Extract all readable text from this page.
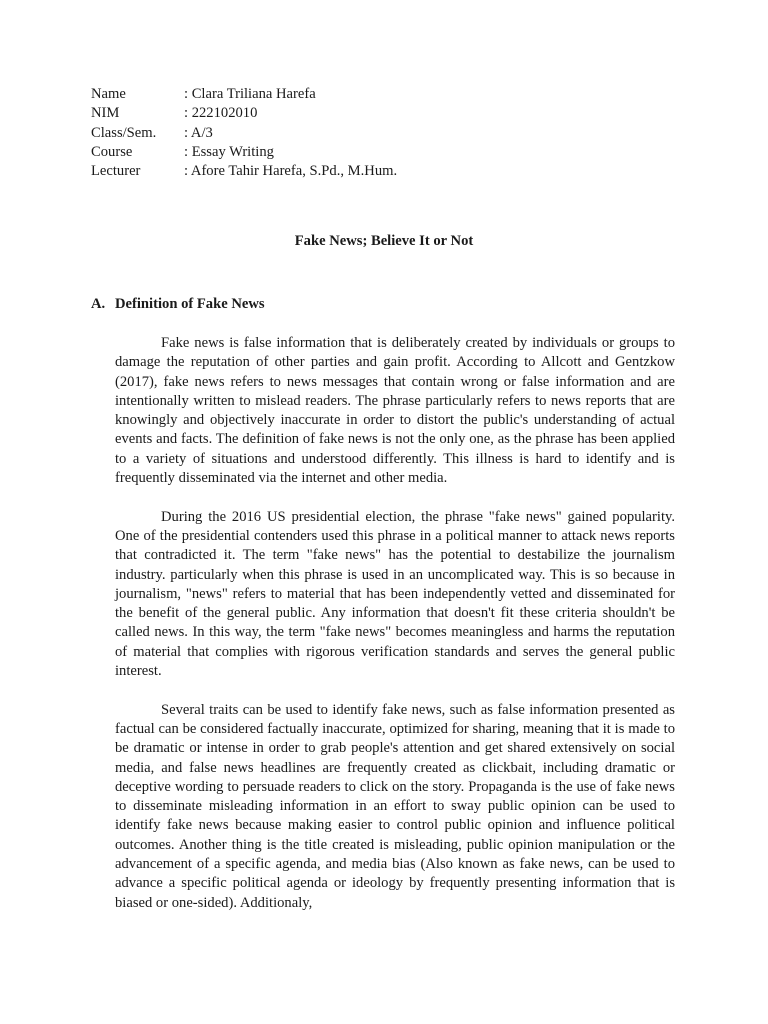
Name	: Clara Triliana Harefa
NIM	: 222102010
Class/Sem.	: A/3
Course	: Essay Writing
Lecturer	: Afore Tahir Harefa, S.Pd., M.Hum.
Fake News; Believe It or Not
A. Definition of Fake News

Fake news is false information that is deliberately created by individuals or groups to damage the reputation of other parties and gain profit. According to Allcott and Gentzkow (2017), fake news refers to news messages that contain wrong or false information and are intentionally written to mislead readers. The phrase particularly refers to news reports that are knowingly and objectively inaccurate in order to distort the public's understanding of actual events and facts. The definition of fake news is not the only one, as the phrase has been applied to a variety of situations and understood differently. This illness is hard to identify and is frequently disseminated via the internet and other media.

During the 2016 US presidential election, the phrase "fake news" gained popularity. One of the presidential contenders used this phrase in a political manner to attack news reports that contradicted it. The term "fake news" has the potential to destabilize the journalism industry. particularly when this phrase is used in an uncomplicated way. This is so because in journalism, "news" refers to material that has been independently vetted and disseminated for the benefit of the general public. Any information that doesn't fit these criteria shouldn't be called news. In this way, the term "fake news" becomes meaningless and harms the reputation of material that complies with rigorous verification standards and serves the general public interest.

Several traits can be used to identify fake news, such as false information presented as factual can be considered factually inaccurate, optimized for sharing, meaning that it is made to be dramatic or intense in order to grab people's attention and get shared extensively on social media, and false news headlines are frequently created as clickbait, including dramatic or deceptive wording to persuade readers to click on the story. Propaganda is the use of fake news to disseminate misleading information in an effort to sway public opinion can be used to identify fake news because making easier to control public opinion and influence political outcomes. Another thing is the title created is misleading, public opinion manipulation or the advancement of a specific agenda, and media bias (Also known as fake news, can be used to advance a specific political agenda or ideology by frequently presenting information that is biased or one-sided). Additionaly,
